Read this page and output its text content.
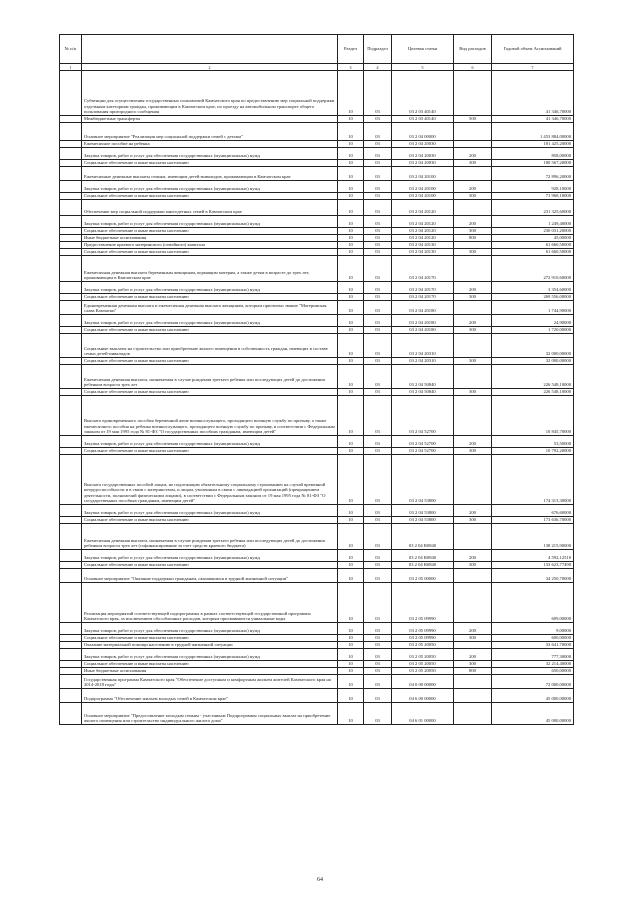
№ п/п		Раздел	Подраздел	Целевая статья	Вид расходов	Годовой объем Ассигнований
1	2	3	4	5	6	7
	Субвенции для осуществления государственных полномочий Камчатского края по предоставлению мер социальной поддержки отдельным категориям граждан, проживающим в Камчатском крае, по проезду на автомобильном транспорте общего пользования пригородного сообщения	10	03	03 2 03 40140		41 346,70000
	Межбюджетные трансферты	10	03	03 2 03 40140	500	41 346,70000
	Основное мероприятие "Реализация мер социальной поддержки семей с детьми"	10	03	03 2 04 00000		1 453 884,00000
	Ежемесячное пособие на ребенка	10	03	03 2 04 20030		181 425,20000
	Закупка товаров, работ и услуг для обеспечения государственных (муниципальных) нужд	10	03	03 2 04 20030	200	858,00000
	Социальное обеспечение и иные выплаты населению	10	03	03 2 04 20030	300	180 567,20000
	Ежемесячные денежные выплаты семьям, имеющим детей-инвалидов, проживающим в Камчатском крае	10	03	03 2 04 20100		72 896,20000
	Закупка товаров, работ и услуг для обеспечения государственных (муниципальных) нужд	10	03	03 2 04 20100	200	928,10000
	Социальное обеспечение и иные выплаты населению	10	03	03 2 04 20100	300	71 968,10000
	Обеспечение мер социальной поддержки многодетных семей в Камчатском крае	10	03	03 2 04 20120		231 325,60000
	Закупка товаров, работ и услуг для обеспечения государственных (муниципальных) нужд	10	03	03 2 04 20120	200	1 249,40000
	Социальное обеспечение и иные выплаты населению	10	03	03 2 04 20120	300	230 031,20000
	Иные бюджетные ассигнования	10	03	03 2 04 20120	800	45,00000
	Предоставление краевого материнского (семейного) капитала	10	03	03 2 04 20130		61 660,50000
	Социальное обеспечение и иные выплаты населению	10	03	03 2 04 20130	300	61 660,50000
	Ежемесячная денежная выплата беременным женщинам, кормящим матерям, а также детям в возрасте до трех лет, проживающим в Камчатском крае	10	03	03 2 04 20170		272 910,60000
	Закупка товаров, работ и услуг для обеспечения государственных (муниципальных) нужд	10	03	03 2 04 20170	200	3 354,60000
	Социальное обеспечение и иные выплаты населению	10	03	03 2 04 20170	300	269 556,00000
	Единовременная денежная выплата и ежемесячная денежная выплата женщинам, которым присвоено звание "Материнская слава Камчатки"	10	03	03 2 04 20180		1 744,90000
	Закупка товаров, работ и услуг для обеспечения государственных (муниципальных) нужд	10	03	03 2 04 20180	200	24,90000
	Социальное обеспечение и иные выплаты населению	10	03	03 2 04 20180	300	1 720,00000
	Социальные выплаты на строительство или приобретение жилого помещения в собственность граждан, имеющих в составе семьи детей-инвалидов	10	03	03 2 04 20310		32 000,00000
	Социальное обеспечение и иные выплаты населению	10	03	03 2 04 20310	300	32 000,00000
	Ежемесячная денежная выплата, назначаемая в случае рождения третьего ребенка или последующих детей до достижения ребенком возраста трех лет	10	03	03 2 04 50840		226 548,10000
	Социальное обеспечение и иные выплаты населению	10	03	03 2 04 50840	300	226 548,10000
	Выплата единовременного пособия беременной жене военнослужащего, проходящего военную службу по призыву, а также ежемесячного пособия на ребенка военнослужащего, проходящего военную службу по призыву, в соответствии с Федеральным законом от 19 мая 1995 года № 81-ФЗ "О государственных пособиях гражданам, имеющим детей"	10	03	03 2 04 52700		10 845,70000
	Закупка товаров, работ и услуг для обеспечения государственных (муниципальных) нужд	10	03	03 2 04 52700	200	53,50000
	Социальное обеспечение и иные выплаты населению	10	03	03 2 04 52700	300	10 792,20000
	Выплата государственных пособий лицам, не подлежащим обязательному социальному страхованию на случай временной нетрудоспособности и в связи с материнством, и лицам, уволенным в связи с ликвидацией организаций (прекращением деятельности, полномочий физическими лицами), в соответствии с Федеральным законом от 19 мая 1995 года № 81-ФЗ "О государственных пособиях гражданам, имеющим детей"	10	03	03 2 04 53800		174 313,30000
	Закупка товаров, работ и услуг для обеспечения государственных (муниципальных) нужд	10	03	03 2 04 53800	200	676,60000
	Социальное обеспечение и иные выплаты населению	10	03	03 2 04 53800	300	173 636,70000
	Ежемесячная денежная выплата, назначаемая в случае рождения третьего ребенка или последующих детей до достижения ребенком возраста трех лет (софинансирование за счет средств краевого бюджета)	10	03	03 2 04 R0840		138 215,90000
	Закупка товаров, работ и услуг для обеспечения государственных (муниципальных) нужд	10	03	03 2 04 R0840	200	4 592,12510
	Социальное обеспечение и иные выплаты населению	10	03	03 2 04 R0840	300	133 623,77490
	Основное мероприятие "Оказание поддержки гражданам, оказавшимся в трудной жизненной ситуации"	10	03	03 2 05 00000		34 250,70000
	Реализация мероприятий соответствующей подпрограммы в рамках соответствующей государственной программы Камчатского края, за исключением обособленных расходов, которым присваиваются уникальные коды	10	03	03 2 05 09990		609,00000
	Закупка товаров, работ и услуг для обеспечения государственных (муниципальных) нужд	10	03	03 2 05 09990	200	9,00000
	Социальное обеспечение и иные выплаты населению	10	03	03 2 05 09990	300	600,00000
	Оказание материальной помощи населению в трудной жизненной ситуации	10	03	03 2 05 20050		33 641,70000
	Закупка товаров, работ и услуг для обеспечения государственных (муниципальных) нужд	10	03	03 2 05 20050	200	777,30000
	Социальное обеспечение и иные выплаты населению	10	03	03 2 05 20050	300	32 214,40000
	Иные бюджетные ассигнования	10	03	03 2 05 20050	800	650,00000
	Государственная программа Камчатского края "Обеспечение доступным и комфортным жильем жителей Камчатского края на 2014-2018 годы"	10	03	04 0 00 00000		72 000,00000
	Подпрограмма "Обеспечение жильем молодых семей в Камчатском крае"	10	03	04 6 00 00000		45 000,00000
	Основное мероприятие "Предоставление молодым семьям - участникам Подпрограммы социальных выплат на приобретение жилого помещения или строительство индивидуального жилого дома"	10	03	04 6 01 00000		45 000,00000
64
